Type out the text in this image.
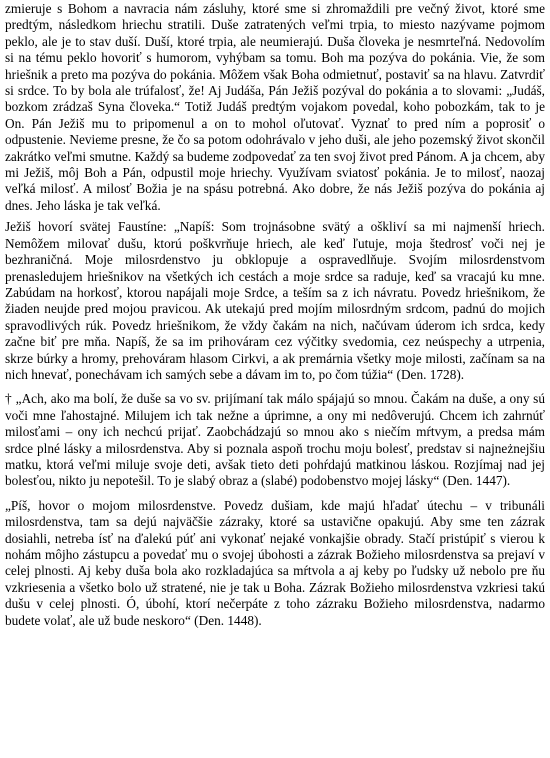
zmieruje s Bohom a navracia nám zásluhy, ktoré sme si zhromaždili pre večný život, ktoré sme predtým, následkom hriechu stratili. Duše zatratených veľmi trpia, to miesto nazývame pojmom peklo, ale je to stav duší. Duší, ktoré trpia, ale neumierajú. Duša človeka je nesmrteľná. Nedovolím si na tému peklo hovoriť s humorom, vyhýbam sa tomu. Boh ma pozýva do pokánia. Vie, že som hriešnik a preto ma pozýva do pokánia. Môžem však Boha odmietnuť, postaviť sa na hlavu. Zatvrdiť si srdce. To by bola ale trúfalosť, že! Aj Judáša, Pán Ježiš pozýval do pokánia a to slovami: „Judáš, bozkom zrádzaš Syna človeka.“ Totiž Judáš predtým vojakom povedal, koho pobozkám, tak to je On. Pán Ježiš mu to pripomenul a on to mohol oľutovať. Vyznať to pred ním a poprosiť o odpustenie. Nevieme presne, že čo sa potom odohrávalo v jeho duši, ale jeho pozemský život skončil zakrátko veľmi smutne. Každý sa budeme zodpovedať za ten svoj život pred Pánom. A ja chcem, aby mi Ježiš, môj Boh a Pán, odpustil moje hriechy. Využívam sviatosť pokánia. Je to milosť, naozaj veľká milosť. A milosť Božia je na spásu potrebná. Ako dobre, že nás Ježiš pozýva do pokánia aj dnes. Jeho láska je tak veľká.

Ježiš hovorí svätej Faustíne: „Napíš: Som trojnásobne svätý a oškliví sa mi najmenší hriech. Nemôžem milovať dušu, ktorú poškvrňuje hriech, ale keď ľutuje, moja štedrosť voči nej je bezhraničná. Moje milosrdenstvo ju obklopuje a ospravedlňuje. Svojím milosrdenstvom prenasledujem hriešnikov na všetkých ich cestách a moje srdce sa raduje, keď sa vracajú ku mne. Zabúdam na horkosť, ktorou napájali moje Srdce, a teším sa z ich návratu. Povedz hriešnikom, že žiaden neujde pred mojou pravicou. Ak utekajú pred mojím milosrdným srdcom, padnú do mojich spravodlivých rúk. Povedz hriešnikom, že vždy čakám na nich, načúvam úderom ich srdca, kedy začne biť pre mňa. Napíš, že sa im prihováram cez výčitky svedomia, cez neúspechy a utrpenia, skrze búrky a hromy, prehováram hlasom Cirkvi, a ak premárnia všetky moje milosti, začínam sa na nich hnevať, ponechávam ich samých sebe a dávam im to, po čom túžia“ (Den. 1728).

† „Ach, ako ma bolí, že duše sa vo sv. prijímaní tak málo spájajú so mnou. Čakám na duše, a ony sú voči mne ľahostajné. Milujem ich tak nežne a úprimne, a ony mi nedôverujú. Chcem ich zahrnúť milosťami – ony ich nechcú prijať. Zaobchádzajú so mnou ako s niečím mŕtvym, a predsa mám srdce plné lásky a milosrdenstva. Aby si poznala aspoň trochu moju bolesť, predstav si najneżnejšiu matku, ktorá veľmi miluje svoje deti, avšak tieto deti pohŕdajú matkinou láskou. Rozjímaj nad jej bolesťou, nikto ju nepotešil. To je slabý obraz a (slabé) podobenstvo mojej lásky“ (Den. 1447).

„Píš, hovor o mojom milosrdenstve. Povedz dušiam, kde majú hľadať útechu – v tribunáli milosrdenstva, tam sa dejú najväčšie zázraky, ktoré sa ustavične opakujú. Aby sme ten zázrak dosiahli, netreba ísť na ďalekú púť ani vykonať nejaké vonkajšie obrady. Stačí pristúpiť s vierou k nohám môjho zástupcu a povedať mu o svojej úbohosti a zázrak Božieho milosrdenstva sa prejaví v celej plnosti. Aj keby duša bola ako rozkladajúca sa mŕtvola a aj keby po ľudsky už nebolo pre ňu vzkriesenia a všetko bolo už stratené, nie je tak u Boha. Zázrak Božieho milosrdenstva vzkriesi takú dušu v celej plnosti. Ó, úbohí, ktorí nečerpáte z toho zázraku Božieho milosrdenstva, nadarmo budete volať, ale už bude neskoro“ (Den. 1448).
